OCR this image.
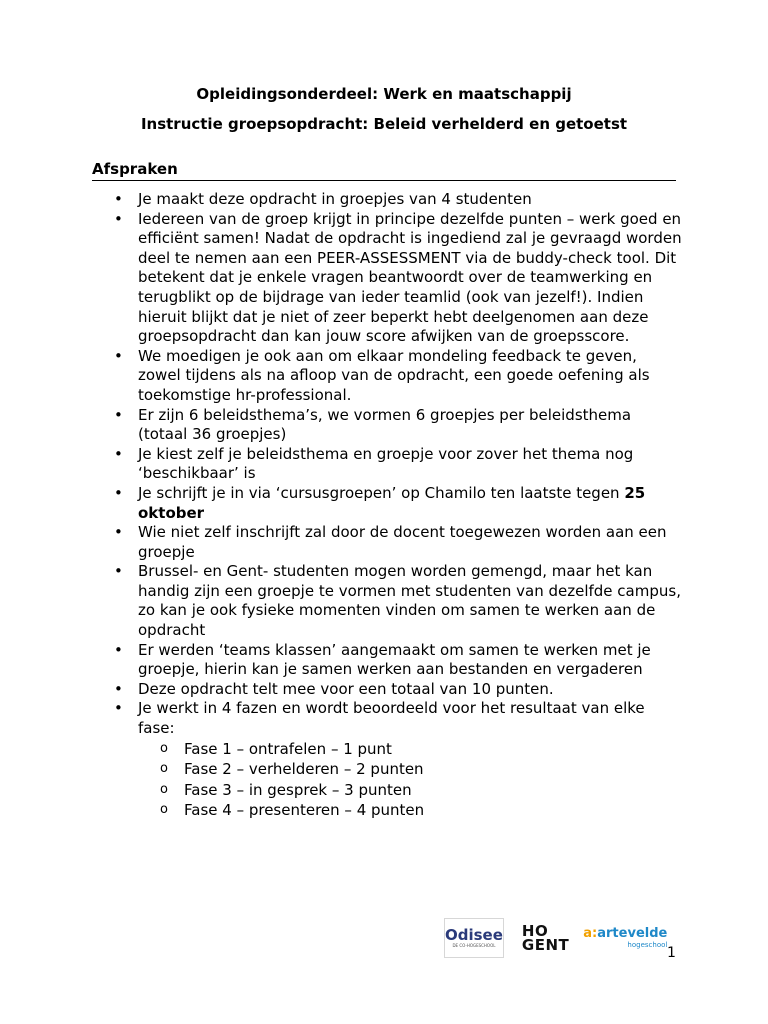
Opleidingsonderdeel: Werk en maatschappij
Instructie groepsopdracht: Beleid verhelderd en getoetst
Afspraken
• Je maakt deze opdracht in groepjes van 4 studenten
• Iedereen van de groep krijgt in principe dezelfde punten – werk goed en efficiënt samen! Nadat de opdracht is ingediend zal je gevraagd worden deel te nemen aan een PEER-ASSESSMENT via de buddy-check tool. Dit betekent dat je enkele vragen beantwoordt over de teamwerking en terugblikt op de bijdrage van ieder teamlid (ook van jezelf!). Indien hieruit blijkt dat je niet of zeer beperkt hebt deelgenomen aan deze groepsopdracht dan kan jouw score afwijken van de groepsscore.
• We moedigen je ook aan om elkaar mondeling feedback te geven, zowel tijdens als na afloop van de opdracht, een goede oefening als toekomstige hr-professional.
• Er zijn 6 beleidsthema’s, we vormen 6 groepjes per beleidsthema (totaal 36 groepjes)
• Je kiest zelf je beleidsthema en groepje voor zover het thema nog ‘beschikbaar’ is
• Je schrijft je in via ‘cursusgroepen’ op Chamilo ten laatste tegen 25 oktober
• Wie niet zelf inschrijft zal door de docent toegewezen worden aan een groepje
• Brussel- en Gent- studenten mogen worden gemengd, maar het kan handig zijn een groepje te vormen met studenten van dezelfde campus, zo kan je ook fysieke momenten vinden om samen te werken aan de opdracht
• Er werden ‘teams klassen’ aangemaakt om samen te werken met je groepje, hierin kan je samen werken aan bestanden en vergaderen
• Deze opdracht telt mee voor een totaal van 10 punten.
• Je werkt in 4 fazen en wordt beoordeeld voor het resultaat van elke fase:
o Fase 1 – ontrafelen – 1 punt
o Fase 2 – verhelderen – 2 punten
o Fase 3 – in gesprek – 3 punten
o Fase 4 – presenteren – 4 punten
Odisee
DE CO-HOGESCHOOL
HO
GENT
a:artevelde
hogeschool 1
